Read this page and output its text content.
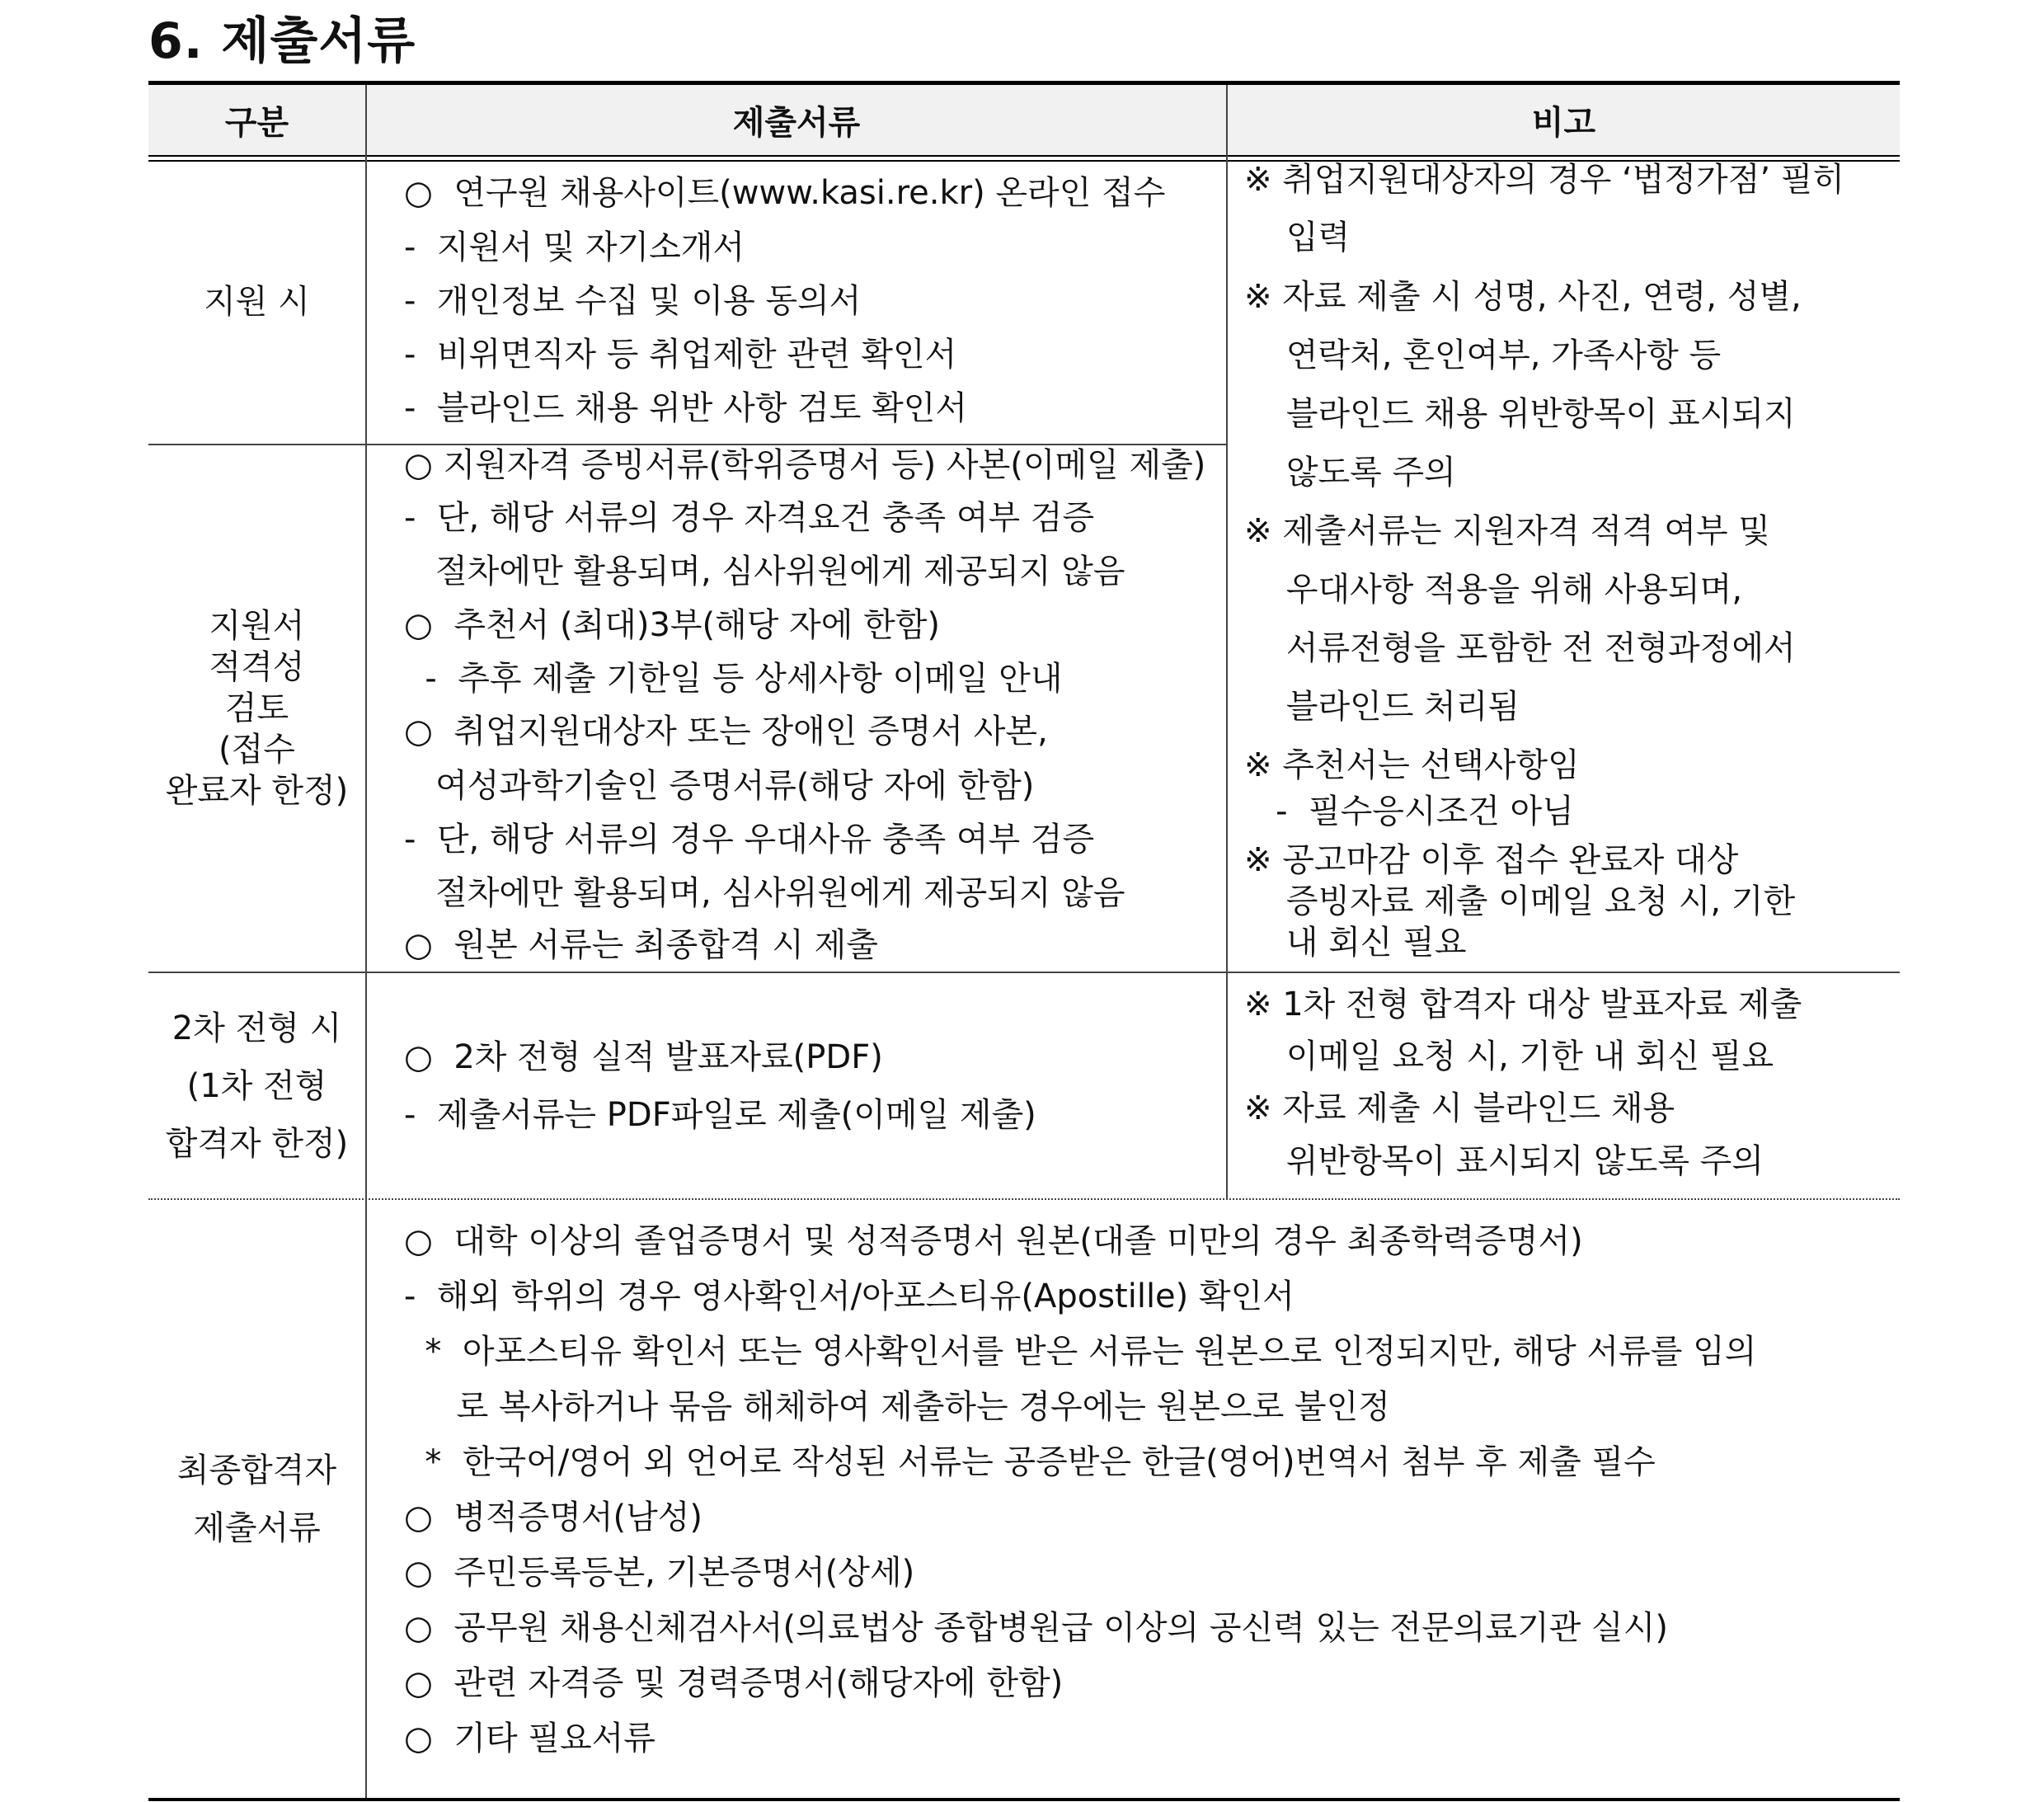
6. 제출서류
구분	제출서류	비고
지원 시
○  연구원 채용사이트(www.kasi.re.kr) 온라인 접수
-  지원서 및 자기소개서
-  개인정보 수집 및 이용 동의서
-  비위면직자 등 취업제한 관련 확인서
-  블라인드 채용 위반 사항 검토 확인서
※ 취업지원대상자의 경우 ‘법정가점’ 필히
입력
※ 자료 제출 시 성명, 사진, 연령, 성별,
연락처, 혼인여부, 가족사항 등
블라인드 채용 위반항목이 표시되지
않도록 주의
※ 제출서류는 지원자격 적격 여부 및
우대사항 적용을 위해 사용되며,
서류전형을 포함한 전 전형과정에서
블라인드 처리됨
※ 추천서는 선택사항임
-  필수응시조건 아님
※ 공고마감 이후 접수 완료자 대상
증빙자료 제출 이메일 요청 시, 기한
내 회신 필요
지원서
적격성
검토
(접수
완료자 한정)
○ 지원자격 증빙서류(학위증명서 등) 사본(이메일 제출)
-  단, 해당 서류의 경우 자격요건 충족 여부 검증
절차에만 활용되며, 심사위원에게 제공되지 않음
○  추천서 (최대)3부(해당 자에 한함)
-  추후 제출 기한일 등 상세사항 이메일 안내
○  취업지원대상자 또는 장애인 증명서 사본,
여성과학기술인 증명서류(해당 자에 한함)
-  단, 해당 서류의 경우 우대사유 충족 여부 검증
절차에만 활용되며, 심사위원에게 제공되지 않음
○  원본 서류는 최종합격 시 제출
2차 전형 시
(1차 전형
합격자 한정)
○  2차 전형 실적 발표자료(PDF)
-  제출서류는 PDF파일로 제출(이메일 제출)
※ 1차 전형 합격자 대상 발표자료 제출
이메일 요청 시, 기한 내 회신 필요
※ 자료 제출 시 블라인드 채용
위반항목이 표시되지 않도록 주의
최종합격자
제출서류
○  대학 이상의 졸업증명서 및 성적증명서 원본(대졸 미만의 경우 최종학력증명서)
-  해외 학위의 경우 영사확인서/아포스티유(Apostille) 확인서
*  아포스티유 확인서 또는 영사확인서를 받은 서류는 원본으로 인정되지만, 해당 서류를 임의
로 복사하거나 묶음 해체하여 제출하는 경우에는 원본으로 불인정
*  한국어/영어 외 언어로 작성된 서류는 공증받은 한글(영어)번역서 첨부 후 제출 필수
○  병적증명서(남성)
○  주민등록등본, 기본증명서(상세)
○  공무원 채용신체검사서(의료법상 종합병원급 이상의 공신력 있는 전문의료기관 실시)
○  관련 자격증 및 경력증명서(해당자에 한함)
○  기타 필요서류
